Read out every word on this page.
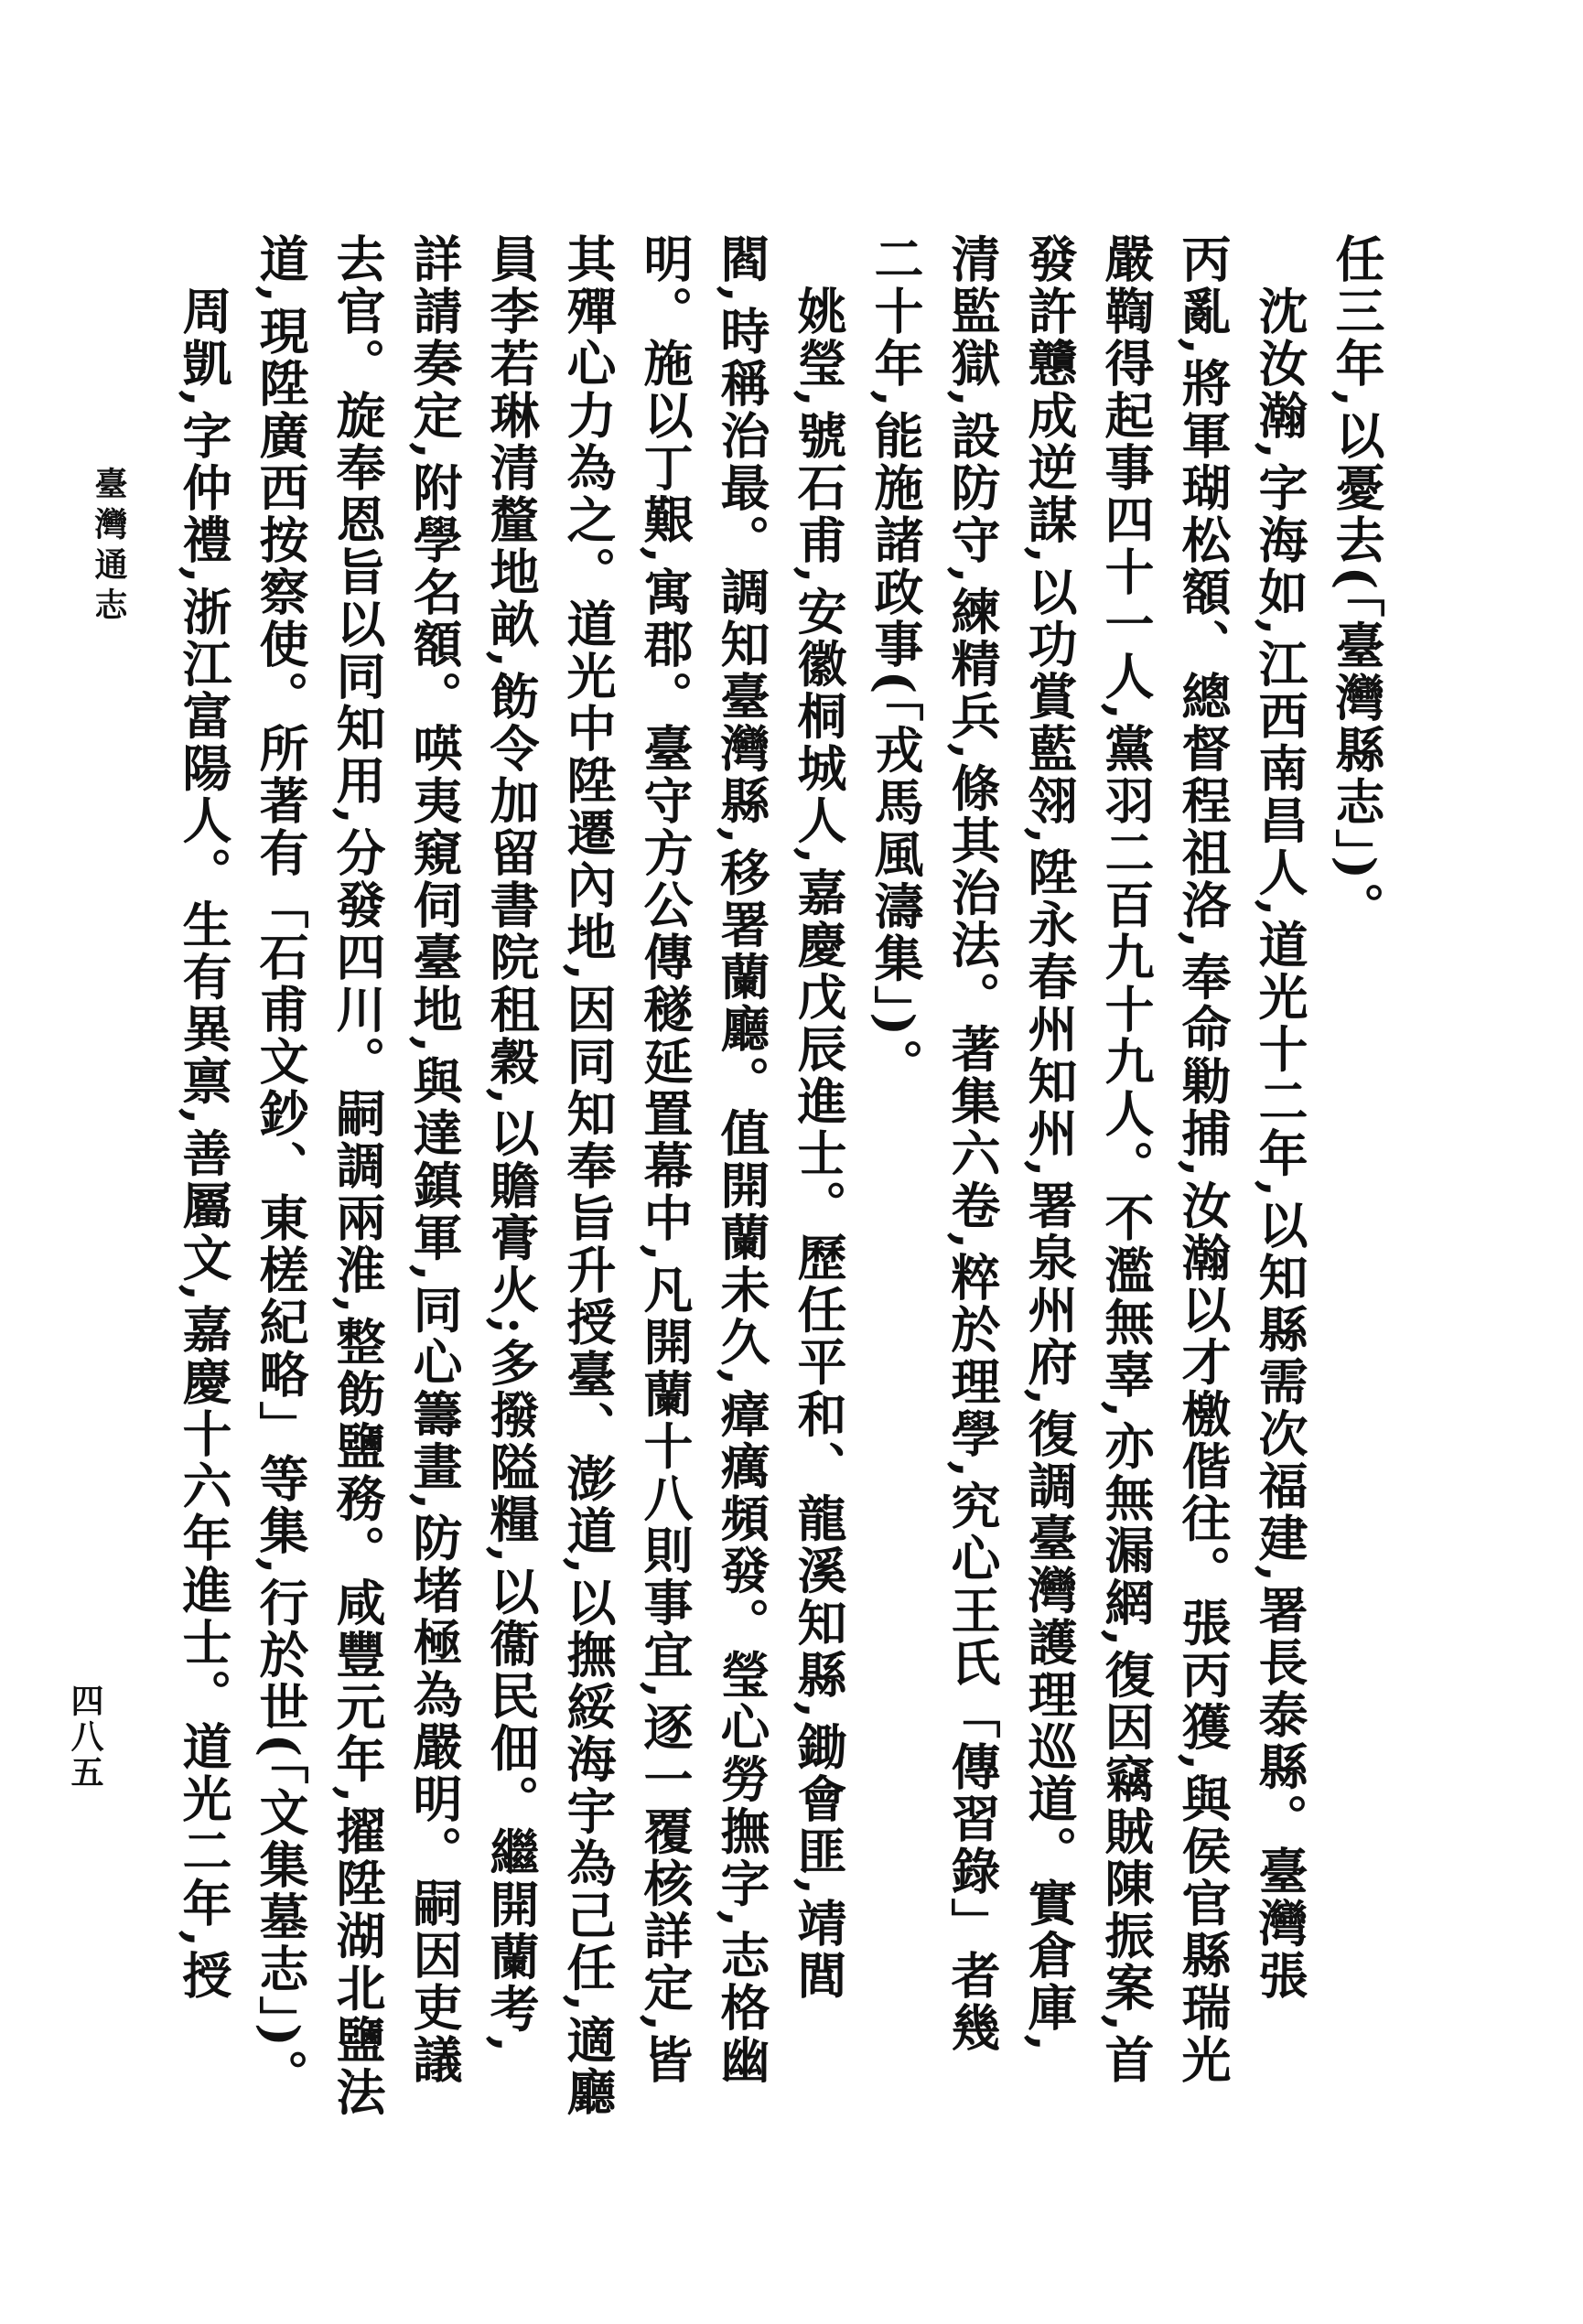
臺灣通志
四八五
任三年,以憂去(「臺灣縣志」)。
沈汝瀚,字海如,江西南昌人,道光十二年,以知縣需次福建,署長泰縣。臺灣張
丙亂,將軍瑚松額、總督程祖洛,奉命勦捕,汝瀚以才檄偕往。張丙獲,與侯官縣瑞光
嚴鞫得起事四十一人,黨羽二百九十九人。不濫無辜,亦無漏網,復因竊賊陳振案,首
發許戇成逆謀,以功賞藍翎,陞永春州知州,署泉州府,復調臺灣護理巡道。實倉庫,
清監獄,設防守,練精兵,條其治法。著集六卷,粹於理學,究心王氏「傳習錄」者幾
二十年,能施諸政事(「戎馬風濤集」)。
姚瑩,號石甫,安徽桐城人,嘉慶戊辰進士。歷任平和、龍溪知縣,鋤會匪,靖閭
閻,時稱治最。調知臺灣縣,移署蘭廳。值開蘭未久,瘴癘頻發。瑩心勞撫字,志格幽
明。施以丁艱,寓郡。臺守方公傳穟延置幕中,凡開蘭十八則事宜,逐一覆核詳定,皆
其殫心力為之。道光中陞遷內地,因同知奉旨升授臺、澎道,以撫綏海宇為己任,適廳
員李若琳清釐地畝,飭令加留書院租穀,以贍膏火;多撥隘糧,以衞民佃。繼開蘭考,
詳請奏定,附學名額。𠸄夷窺伺臺地,與達鎮軍,同心籌畫,防堵極為嚴明。嗣因吏議
去官。旋奉恩旨以同知用,分發四川。嗣調兩淮,整飭鹽務。咸豐元年,擢陞湖北鹽法
道,現陞廣西按察使。所著有「石甫文鈔、東槎紀略」等集,行於世(「文集墓志」)。
周凱,字仲禮,浙江富陽人。生有異禀,善屬文,嘉慶十六年進士。道光二年,授
